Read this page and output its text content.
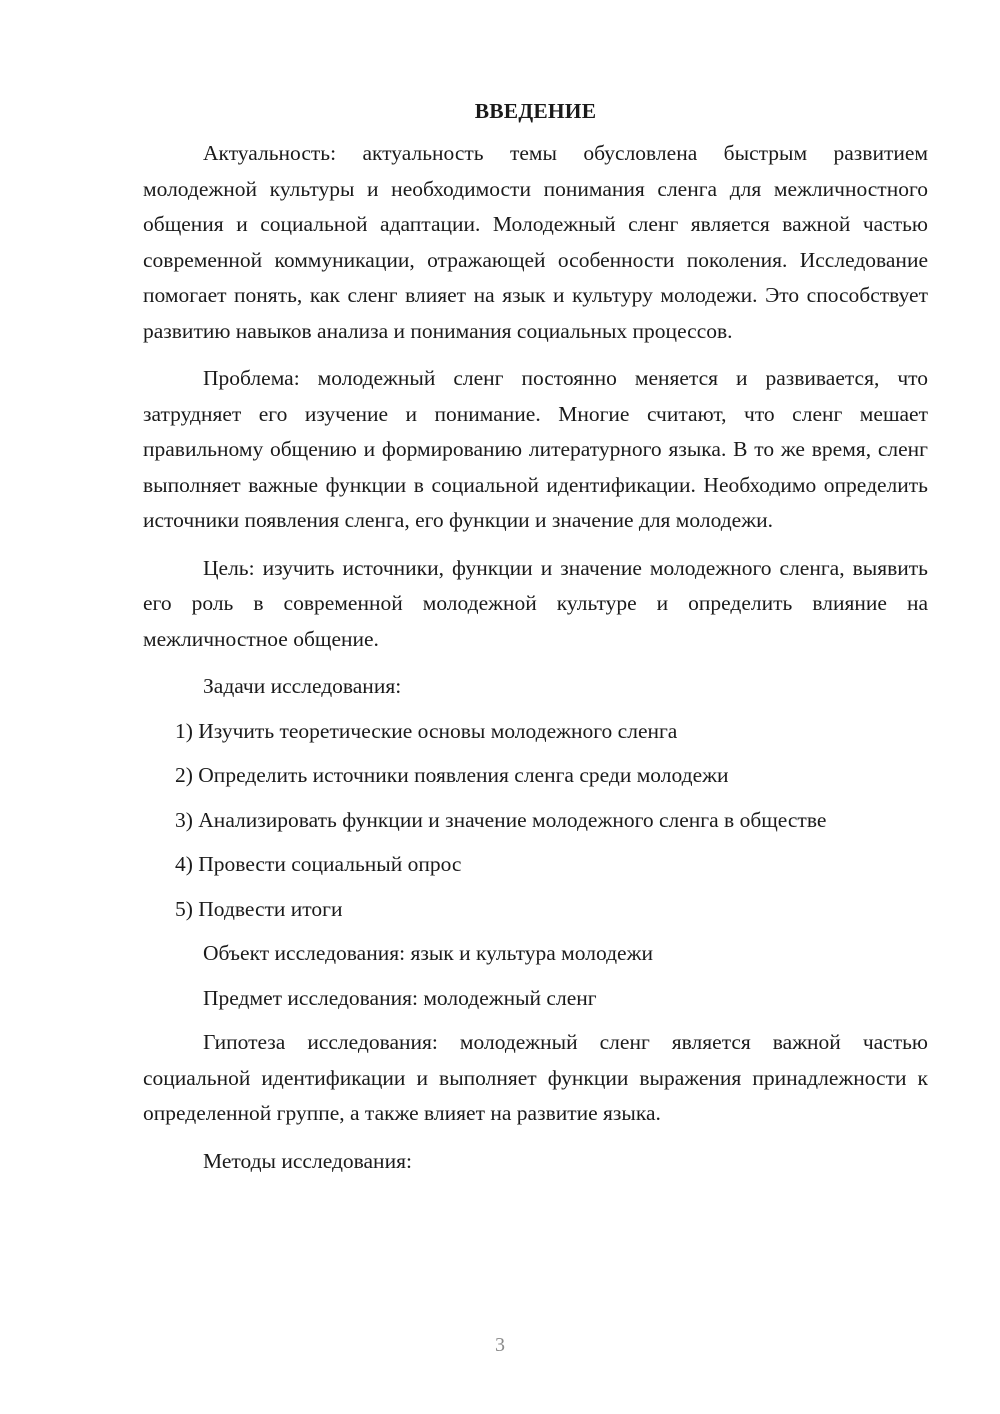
ВВЕДЕНИЕ

Актуальность: актуальность темы обусловлена быстрым развитием молодежной культуры и необходимости понимания сленга для межличностного общения и социальной адаптации. Молодежный сленг является важной частью современной коммуникации, отражающей особенности поколения. Исследование помогает понять, как сленг влияет на язык и культуру молодежи. Это способствует развитию навыков анализа и понимания социальных процессов.

Проблема: молодежный сленг постоянно меняется и развивается, что затрудняет его изучение и понимание. Многие считают, что сленг мешает правильному общению и формированию литературного языка. В то же время, сленг выполняет важные функции в социальной идентификации. Необходимо определить источники появления сленга, его функции и значение для молодежи.

Цель: изучить источники, функции и значение молодежного сленга, выявить его роль в современной молодежной культуре и определить влияние на межличностное общение.

Задачи исследования:

1) Изучить теоретические основы молодежного сленга

2) Определить источники появления сленга среди молодежи

3) Анализировать функции и значение молодежного сленга в обществе

4) Провести социальный опрос

5) Подвести итоги

Объект исследования: язык и культура молодежи

Предмет исследования: молодежный сленг

Гипотеза исследования: молодежный сленг является важной частью социальной идентификации и выполняет функции выражения принадлежности к определенной группе, а также влияет на развитие языка.

Методы исследования:

3
